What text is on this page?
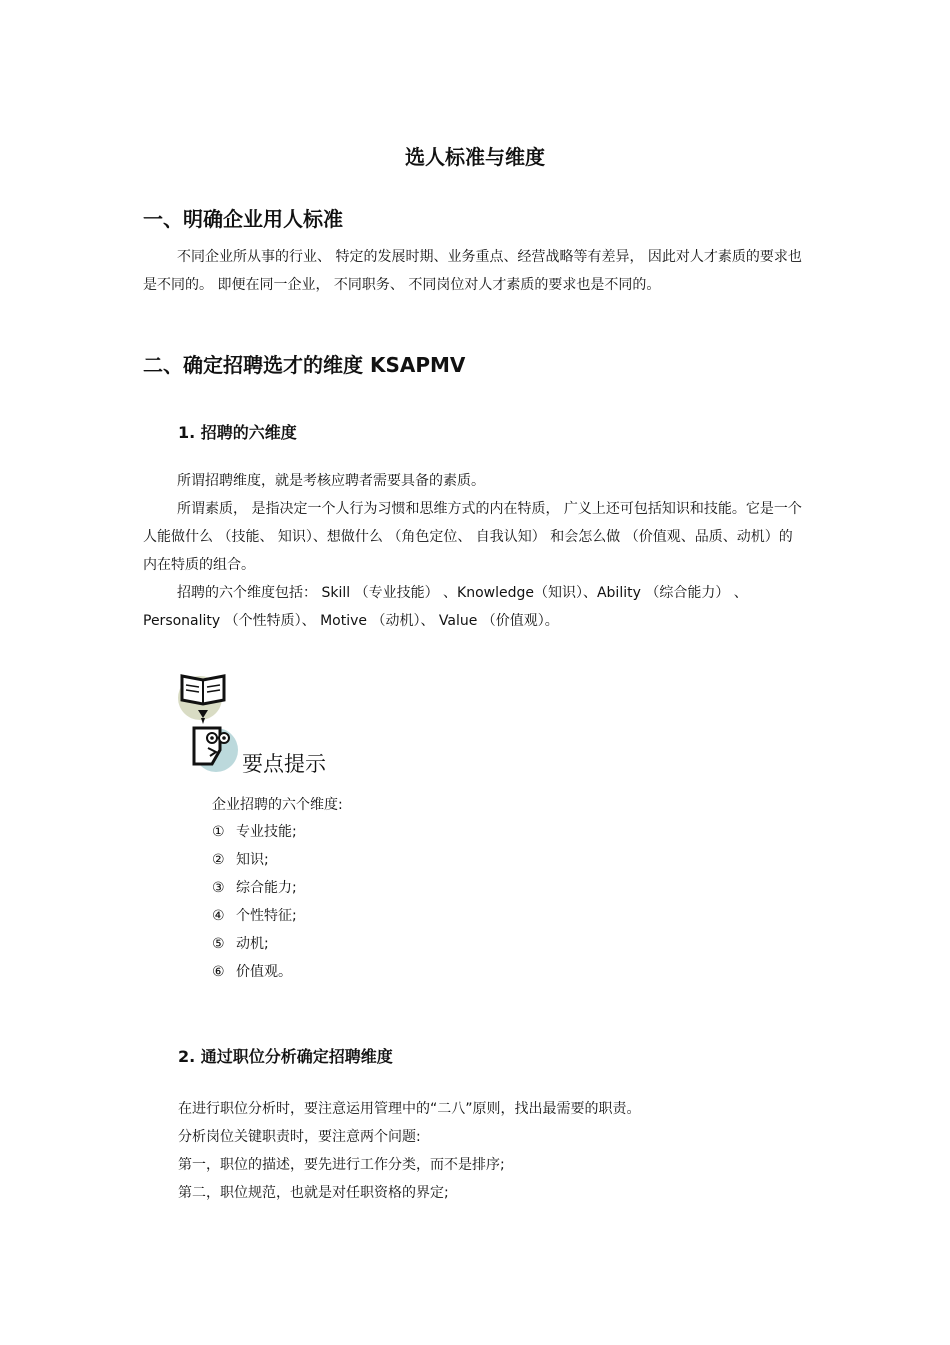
选人标准与维度
一、明确企业用人标准
不同企业所从事的行业、 特定的发展时期、业务重点、经营战略等有差异， 因此对人才素质的要求也是不同的。 即便在同一企业， 不同职务、 不同岗位对人才素质的要求也是不同的。
二、确定招聘选才的维度 KSAPMV
1. 招聘的六维度

所谓招聘维度，就是考核应聘者需要具备的素质。

所谓素质， 是指决定一个人行为习惯和思维方式的内在特质， 广义上还可包括知识和技能。它是一个人能做什么 （技能、 知识）、想做什么 （角色定位、 自我认知） 和会怎么做 （价值观、品质、动机）的内在特质的组合。

招聘的六个维度包括： Skill （专业技能） 、Knowledge（知识）、Ability （综合能力） 、Personality （个性特质）、 Motive （动机）、 Value （价值观）。

要点提示
企业招聘的六个维度:
① 专业技能;
② 知识;
③ 综合能力;
④ 个性特征;
⑤ 动机;
⑥ 价值观。
2. 通过职位分析确定招聘维度
在进行职位分析时，要注意运用管理中的“二八”原则，找出最需要的职责。
分析岗位关键职责时，要注意两个问题:
第一，职位的描述，要先进行工作分类，而不是排序;
第二，职位规范，也就是对任职资格的界定;
